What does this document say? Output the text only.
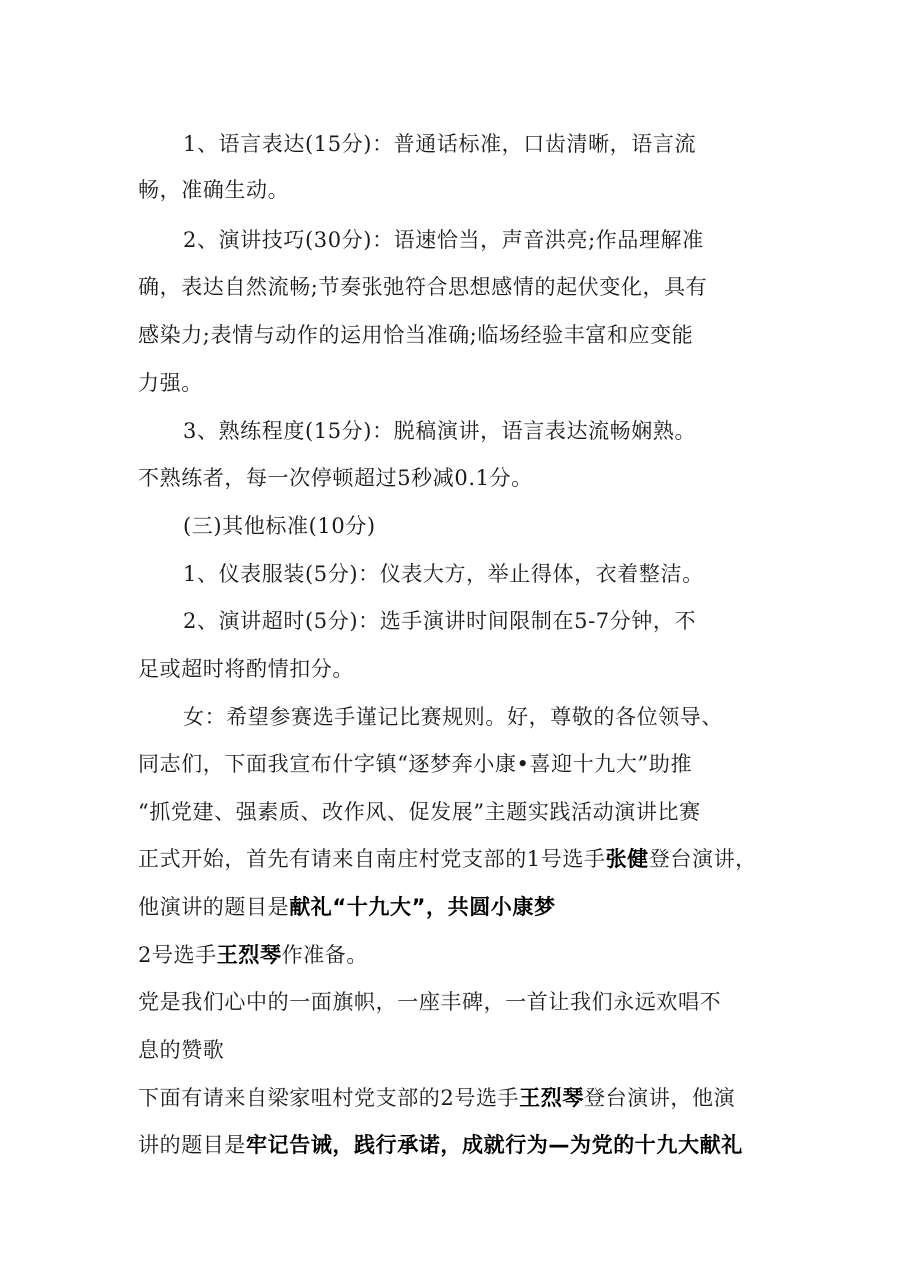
1、语言表达(15分)：普通话标准，口齿清晰，语言流
畅，准确生动。
2、演讲技巧(30分)：语速恰当，声音洪亮;作品理解准
确，表达自然流畅;节奏张弛符合思想感情的起伏变化，具有
感染力;表情与动作的运用恰当准确;临场经验丰富和应变能
力强。
3、熟练程度(15分)：脱稿演讲，语言表达流畅娴熟。
不熟练者，每一次停顿超过5秒减0.1分。
(三)其他标准(10分)
1、仪表服装(5分)：仪表大方，举止得体，衣着整洁。
2、演讲超时(5分)：选手演讲时间限制在5-7分钟，不
足或超时将酌情扣分。
女：希望参赛选手谨记比赛规则。好，尊敬的各位领导、
同志们，下面我宣布什字镇“逐梦奔小康•喜迎十九大”助推
“抓党建、强素质、改作风、促发展”主题实践活动演讲比赛
正式开始，首先有请来自南庄村党支部的1号选手张健登台演讲，
他演讲的题目是献礼“十九大”，共圆小康梦
2号选手王烈琴作准备。
党是我们心中的一面旗帜，一座丰碑，一首让我们永远欢唱不
息的赞歌
下面有请来自梁家咀村党支部的2号选手王烈琴登台演讲，他演
讲的题目是牢记告诫，践行承诺，成就行为—为党的十九大献礼
